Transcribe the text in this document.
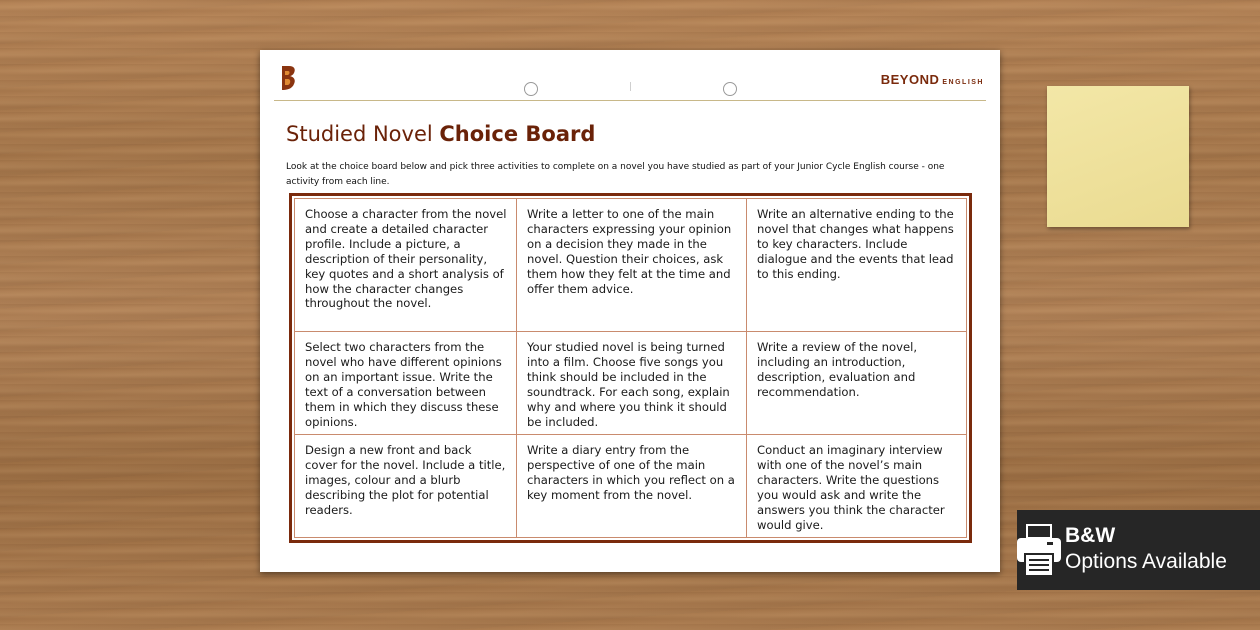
BEYOND ENGLISH
Studied Novel Choice Board
Look at the choice board below and pick three activities to complete on a novel you have studied as part of your Junior Cycle English course - one activity from each line.
Choose a character from the novel and create a detailed character profile. Include a picture, a description of their personality, key quotes and a short analysis of how the character changes throughout the novel.
Write a letter to one of the main characters expressing your opinion on a decision they made in the novel. Question their choices, ask them how they felt at the time and offer them advice.
Write an alternative ending to the novel that changes what happens to key characters. Include dialogue and the events that lead to this ending.
Select two characters from the novel who have different opinions on an important issue. Write the text of a conversation between them in which they discuss these opinions.
Your studied novel is being turned into a film. Choose five songs you think should be included in the soundtrack. For each song, explain why and where you think it should be included.
Write a review of the novel, including an introduction, description, evaluation and recommendation.
Design a new front and back cover for the novel. Include a title, images, colour and a blurb describing the plot for potential readers.
Write a diary entry from the perspective of one of the main characters in which you reflect on a key moment from the novel.
Conduct an imaginary interview with one of the novel’s main characters. Write the questions you would ask and write the answers you think the character would give.	B&W
Options Available
